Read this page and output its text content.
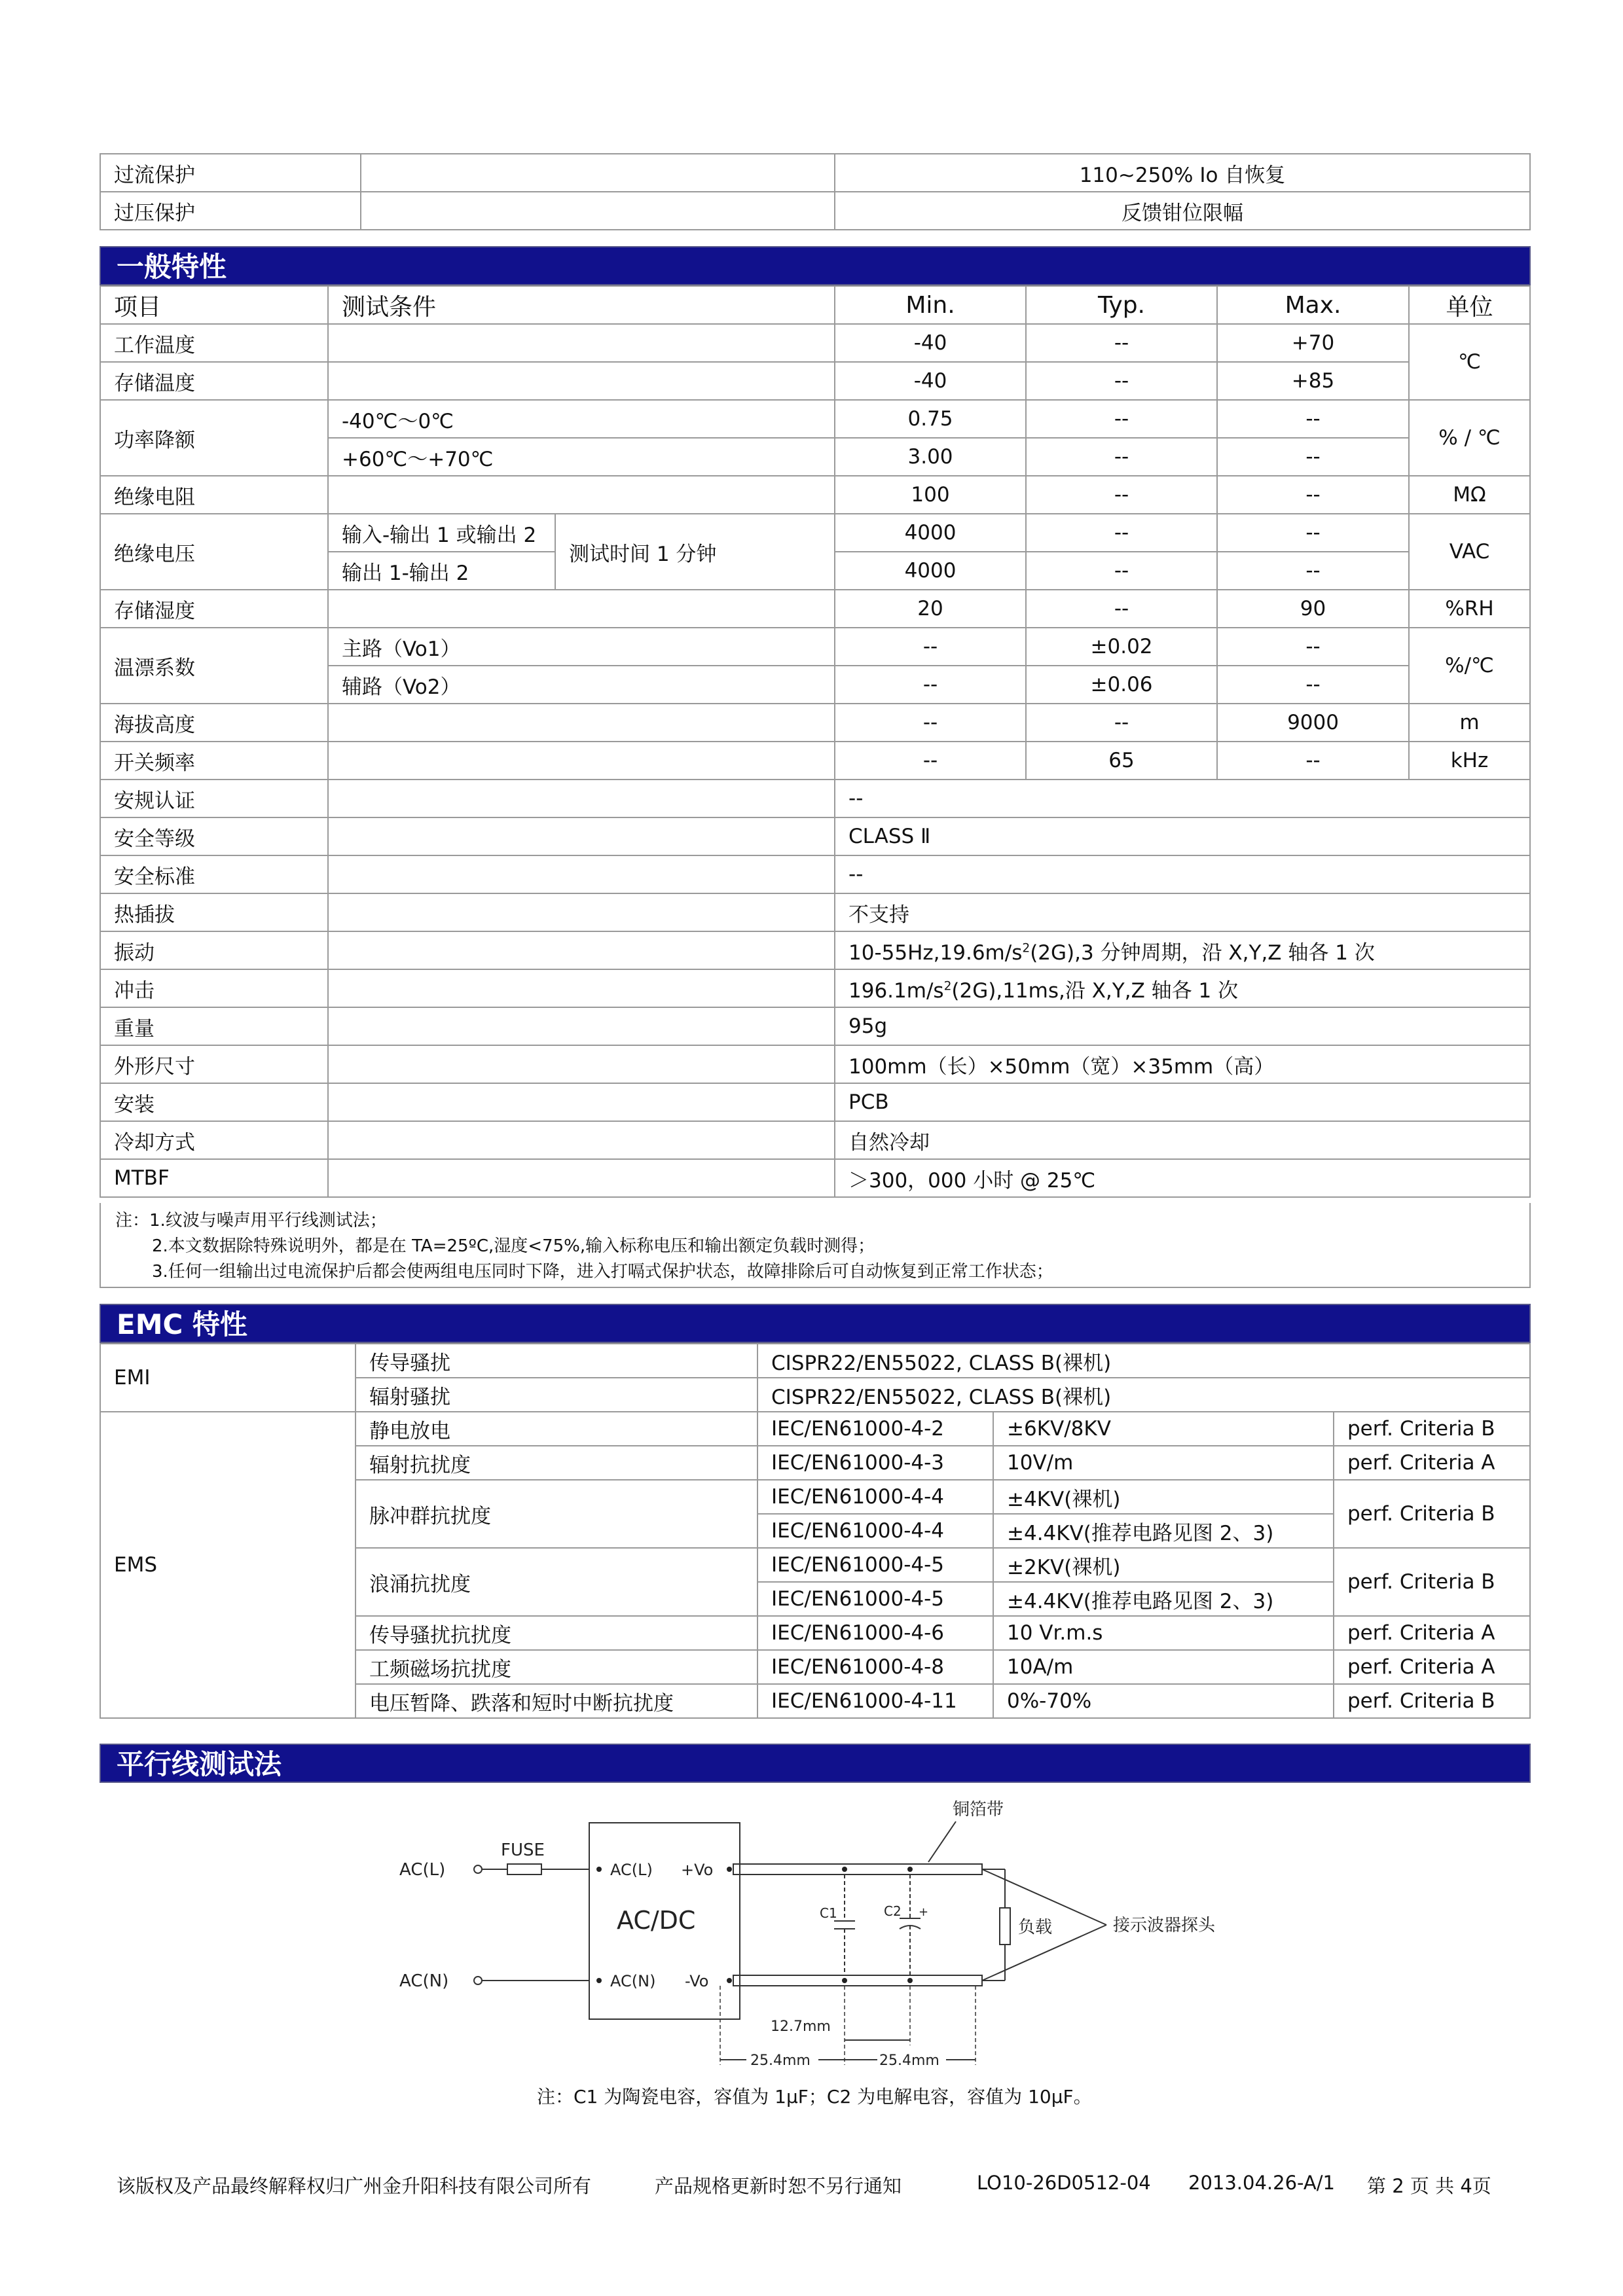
过流保护		110~250% Io 自恢复
过压保护		反馈钳位限幅
一般特性
项目	测试条件		Min.	Typ.	Max.	单位
工作温度			-40	--	+70	℃
存储温度			-40	--	+85	
功率降额	-40℃～0℃		0.75	--	--	% / ℃
	+60℃～+70℃		3.00	--	--	
绝缘电阻			100	--	--	MΩ
绝缘电压	输入-输出 1 或输出 2	测试时间 1 分钟	4000	--	--	VAC
	输出 1-输出 2		4000	--	--	
存储湿度			20	--	90	%RH
温漂系数	主路（Vo1）		--	±0.02	--	%/℃
	辅路（Vo2）		--	±0.06	--	
海拔高度			--	--	9000	m
开关频率			--	65	--	kHz
安规认证			--			
安全等级			CLASS Ⅱ			
安全标准			--			
热插拔			不支持			
振动			$10-55Hz,19.6m/s^2(2G),3$ 分钟周期，沿 X,Y,Z 轴各 1 次			
冲击			$196.1m/s^2(2G),11ms$,沿 X,Y,Z 轴各 1 次			
重量			95g			
外形尺寸			100mm（长）×50mm（宽）×35mm（高）			
安装			PCB			
冷却方式			自然冷却			
MTBF			＞300，000 小时 @ 25℃			
注：1.纹波与噪声用平行线测试法；
2.本文数据除特殊说明外，都是在 TA=25ºC,湿度<75%,输入标称电压和输出额定负载时测得；
3.任何一组输出过电流保护后都会使两组电压同时下降，进入打嗝式保护状态，故障排除后可自动恢复到正常工作状态；
EMC 特性
EMI	传导骚扰	CISPR22/EN55022, CLASS B(裸机)		
	辐射骚扰	CISPR22/EN55022, CLASS B(裸机)		
EMS	静电放电	IEC/EN61000-4-2	±6KV/8KV	perf. Criteria B
	辐射抗扰度	IEC/EN61000-4-3	10V/m	perf. Criteria A
	脉冲群抗扰度	IEC/EN61000-4-4	±4KV(裸机)	perf. Criteria B
		IEC/EN61000-4-4	±4.4KV(推荐电路见图 2、3)	
	浪涌抗扰度	IEC/EN61000-4-5	±2KV(裸机)	perf. Criteria B
		IEC/EN61000-4-5	±4.4KV(推荐电路见图 2、3)	
	传导骚扰抗扰度	IEC/EN61000-4-6	10 Vr.m.s	perf. Criteria A
	工频磁场抗扰度	IEC/EN61000-4-8	10A/m	perf. Criteria A
	电压暂降、跌落和短时中断抗扰度	IEC/EN61000-4-11	0%-70%	perf. Criteria B
平行线测试法
AC(L)
FUSE
AC(N)
AC(L)
AC(N)
AC/DC
+Vo
-Vo
铜箔带
C1	+
C2
负载	接示波器探头
12.7mm
25.4mm	25.4mm
注：C1 为陶瓷电容，容值为 1μF；C2 为电解电容，容值为 10μF。
该版权及产品最终解释权归广州金升阳科技有限公司所有	产品规格更新时恕不另行通知	LO10-26D0512-04 2013.04.26-A/1 第 2 页 共 4页
